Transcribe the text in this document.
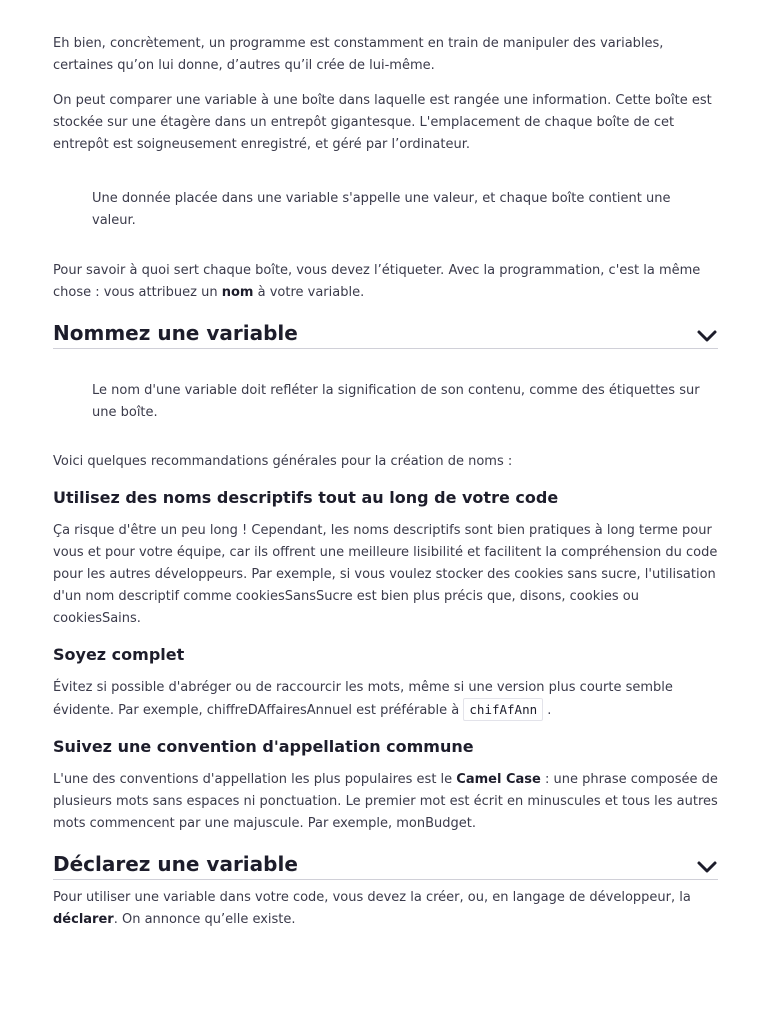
Eh bien, concrètement, un programme est constamment en train de manipuler des variables, certaines qu’on lui donne, d’autres qu’il crée de lui-même.

On peut comparer une variable à une boîte dans laquelle est rangée une information. Cette boîte est stockée sur une étagère dans un entrepôt gigantesque. L'emplacement de chaque boîte de cet entrepôt est soigneusement enregistré, et géré par l’ordinateur.

Une donnée placée dans une variable s'appelle une valeur, et chaque boîte contient une valeur.

Pour savoir à quoi sert chaque boîte, vous devez l’étiqueter. Avec la programmation, c'est la même chose : vous attribuez un nom à votre variable.

Nommez une variable

Le nom d'une variable doit refléter la signification de son contenu, comme des étiquettes sur une boîte.

Voici quelques recommandations générales pour la création de noms :

Utilisez des noms descriptifs tout au long de votre code

Ça risque d'être un peu long ! Cependant, les noms descriptifs sont bien pratiques à long terme pour vous et pour votre équipe, car ils offrent une meilleure lisibilité et facilitent la compréhension du code pour les autres développeurs. Par exemple, si vous voulez stocker des cookies sans sucre, l'utilisation d'un nom descriptif comme cookiesSansSucre est bien plus précis que, disons, cookies ou cookiesSains.

Soyez complet

Évitez si possible d'abréger ou de raccourcir les mots, même si une version plus courte semble évidente. Par exemple, chiffreDAffairesAnnuel est préférable à chifAfAnn .

Suivez une convention d'appellation commune

L'une des conventions d'appellation les plus populaires est le Camel Case : une phrase composée de plusieurs mots sans espaces ni ponctuation. Le premier mot est écrit en minuscules et tous les autres mots commencent par une majuscule. Par exemple, monBudget.

Déclarez une variable

Pour utiliser une variable dans votre code, vous devez la créer, ou, en langage de développeur, la déclarer. On annonce qu’elle existe.
